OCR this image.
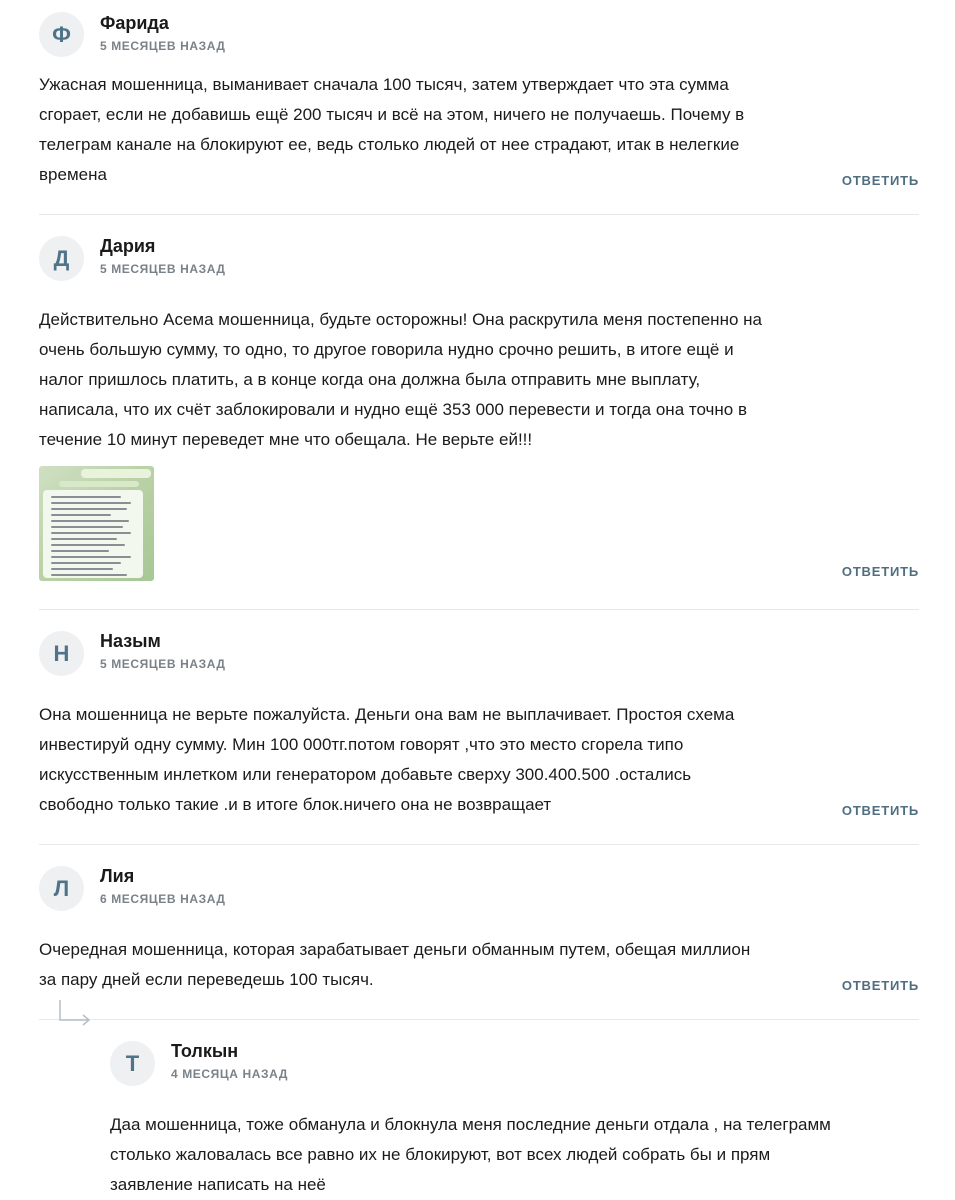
Ф	Фарида
5 МЕСЯЦЕВ НАЗАД
Ужасная мошенница, выманивает сначала 100 тысяч, затем утверждает что эта сумма
сгорает, если не добавишь ещё 200 тысяч и всё на этом, ничего не получаешь. Почему в
телеграм канале на блокируют ее, ведь столько людей от нее страдают, итак в нелегкие
времена	ОТВЕТИТЬ
Д	Дария
5 МЕСЯЦЕВ НАЗАД
Действительно Асема мошенница, будьте осторожны! Она раскрутила меня постепенно на
очень большую сумму, то одно, то другое говорила нудно срочно решить, в итоге ещё и
налог пришлось платить, а в конце когда она должна была отправить мне выплату,
написала, что их счёт заблокировали и нудно ещё 353 000 перевести и тогда она точно в
течение 10 минут переведет мне что обещала. Не верьте ей!!!
ОТВЕТИТЬ
Н	Назым
5 МЕСЯЦЕВ НАЗАД
Она мошенница не верьте пожалуйста. Деньги она вам не выплачивает. Простоя схема
инвестируй одну сумму. Мин 100 000тг.потом говорят ,что это место сгорела типо
искусственным инлетком или генератором добавьте сверху 300.400.500 .остались
свободно только такие .и в итоге блок.ничего она не возвращает	ОТВЕТИТЬ
Л	Лия
6 МЕСЯЦЕВ НАЗАД
Очередная мошенница, которая зарабатывает деньги обманным путем, обещая миллион
за пару дней если переведешь 100 тысяч.	ОТВЕТИТЬ
Т	Толкын
4 МЕСЯЦА НАЗАД
Даа мошенница, тоже обманула и блокнула меня последние деньги отдала , на телеграмм
столько жаловалась все равно их не блокируют, вот всех людей собрать бы и прям
заявление написать на неё
